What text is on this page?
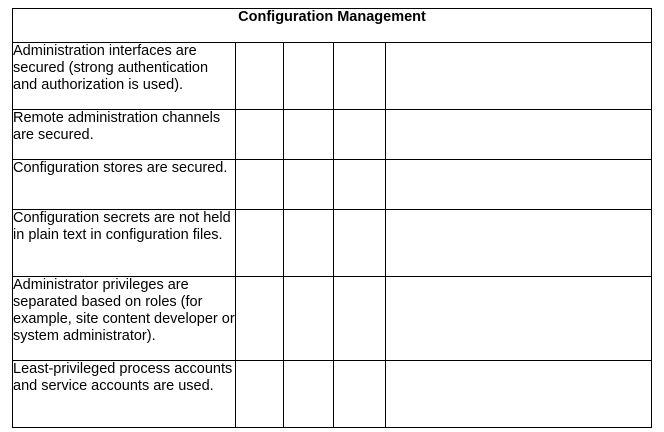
Configuration Management				
Administration interfaces are secured (strong authentication and authorization is used).				
Remote administration channels are secured.				
Configuration stores are secured.				
Configuration secrets are not held in plain text in configuration files.				
Administrator privileges are separated based on roles (for example, site content developer or system administrator).				
Least-privileged process accounts and service accounts are used.				
